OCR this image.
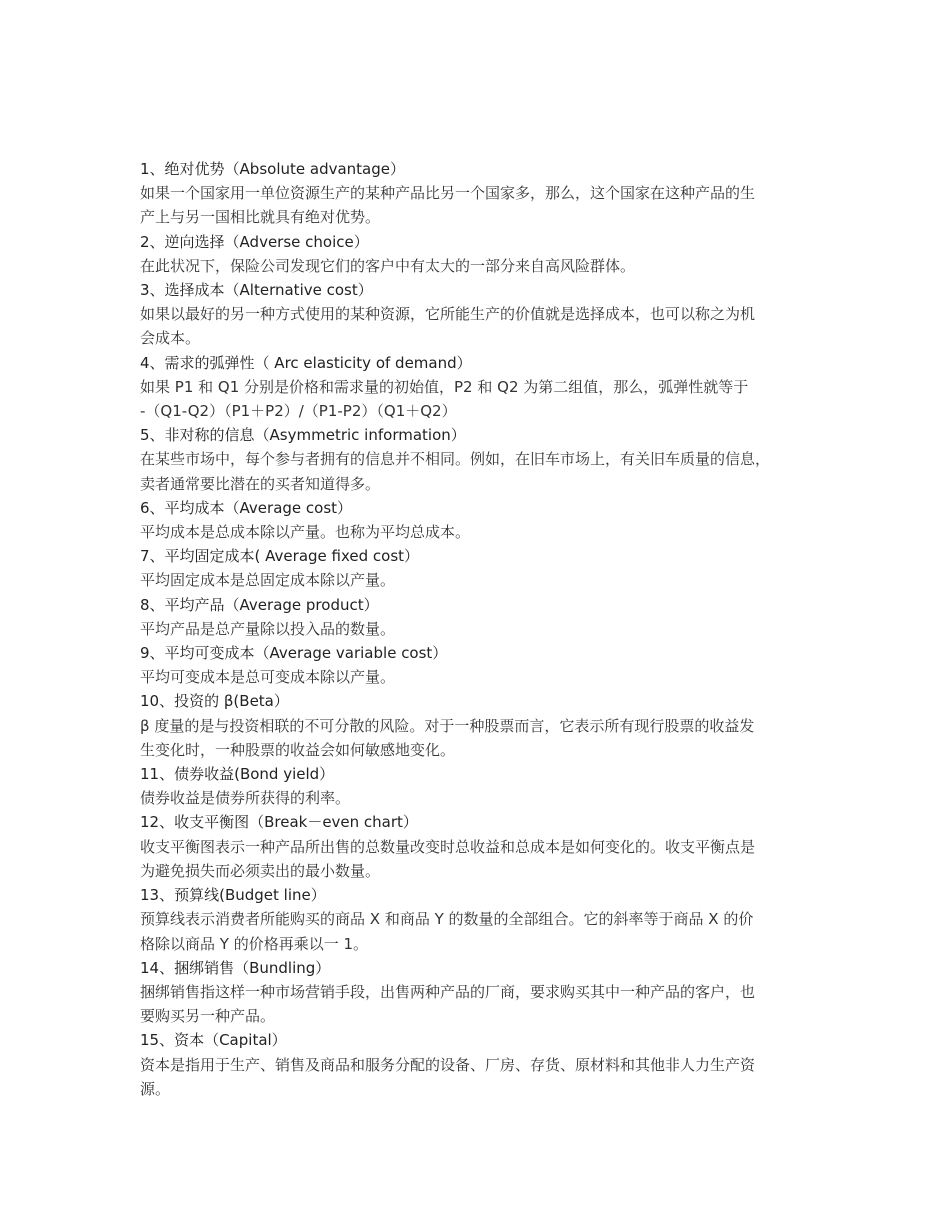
1、绝对优势（Absolute advantage）
如果一个国家用一单位资源生产的某种产品比另一个国家多，那么，这个国家在这种产品的生
产上与另一国相比就具有绝对优势。
2、逆向选择（Adverse choice）
在此状况下，保险公司发现它们的客户中有太大的一部分来自高风险群体。
3、选择成本（Alternative cost）
如果以最好的另一种方式使用的某种资源，它所能生产的价值就是选择成本，也可以称之为机
会成本。
4、需求的弧弹性（ Arc elasticity of demand）
如果 P1 和 Q1 分别是价格和需求量的初始值，P2 和 Q2 为第二组值，那么，弧弹性就等于
-（Q1-Q2）（P1＋P2）/（P1-P2）（Q1＋Q2）
5、非对称的信息（Asymmetric information）
在某些市场中，每个参与者拥有的信息并不相同。例如，在旧车市场上，有关旧车质量的信息，
卖者通常要比潜在的买者知道得多。
6、平均成本（Average cost）
平均成本是总成本除以产量。也称为平均总成本。
7、平均固定成本( Average fixed cost）
平均固定成本是总固定成本除以产量。
8、平均产品（Average product）
平均产品是总产量除以投入品的数量。
9、平均可变成本（Average variable cost）
平均可变成本是总可变成本除以产量。
10、投资的 β(Beta）
β 度量的是与投资相联的不可分散的风险。对于一种股票而言，它表示所有现行股票的收益发
生变化时，一种股票的收益会如何敏感地变化。
11、债券收益(Bond yield）
债券收益是债券所获得的利率。
12、收支平衡图（Break－even chart）
收支平衡图表示一种产品所出售的总数量改变时总收益和总成本是如何变化的。收支平衡点是
为避免损失而必须卖出的最小数量。
13、预算线(Budget line）
预算线表示消费者所能购买的商品 X 和商品 Y 的数量的全部组合。它的斜率等于商品 X 的价
格除以商品 Y 的价格再乘以一 1。
14、捆绑销售（Bundling）
捆绑销售指这样一种市场营销手段，出售两种产品的厂商，要求购买其中一种产品的客户，也
要购买另一种产品。
15、资本（Capital）
资本是指用于生产、销售及商品和服务分配的设备、厂房、存货、原材料和其他非人力生产资
源。
